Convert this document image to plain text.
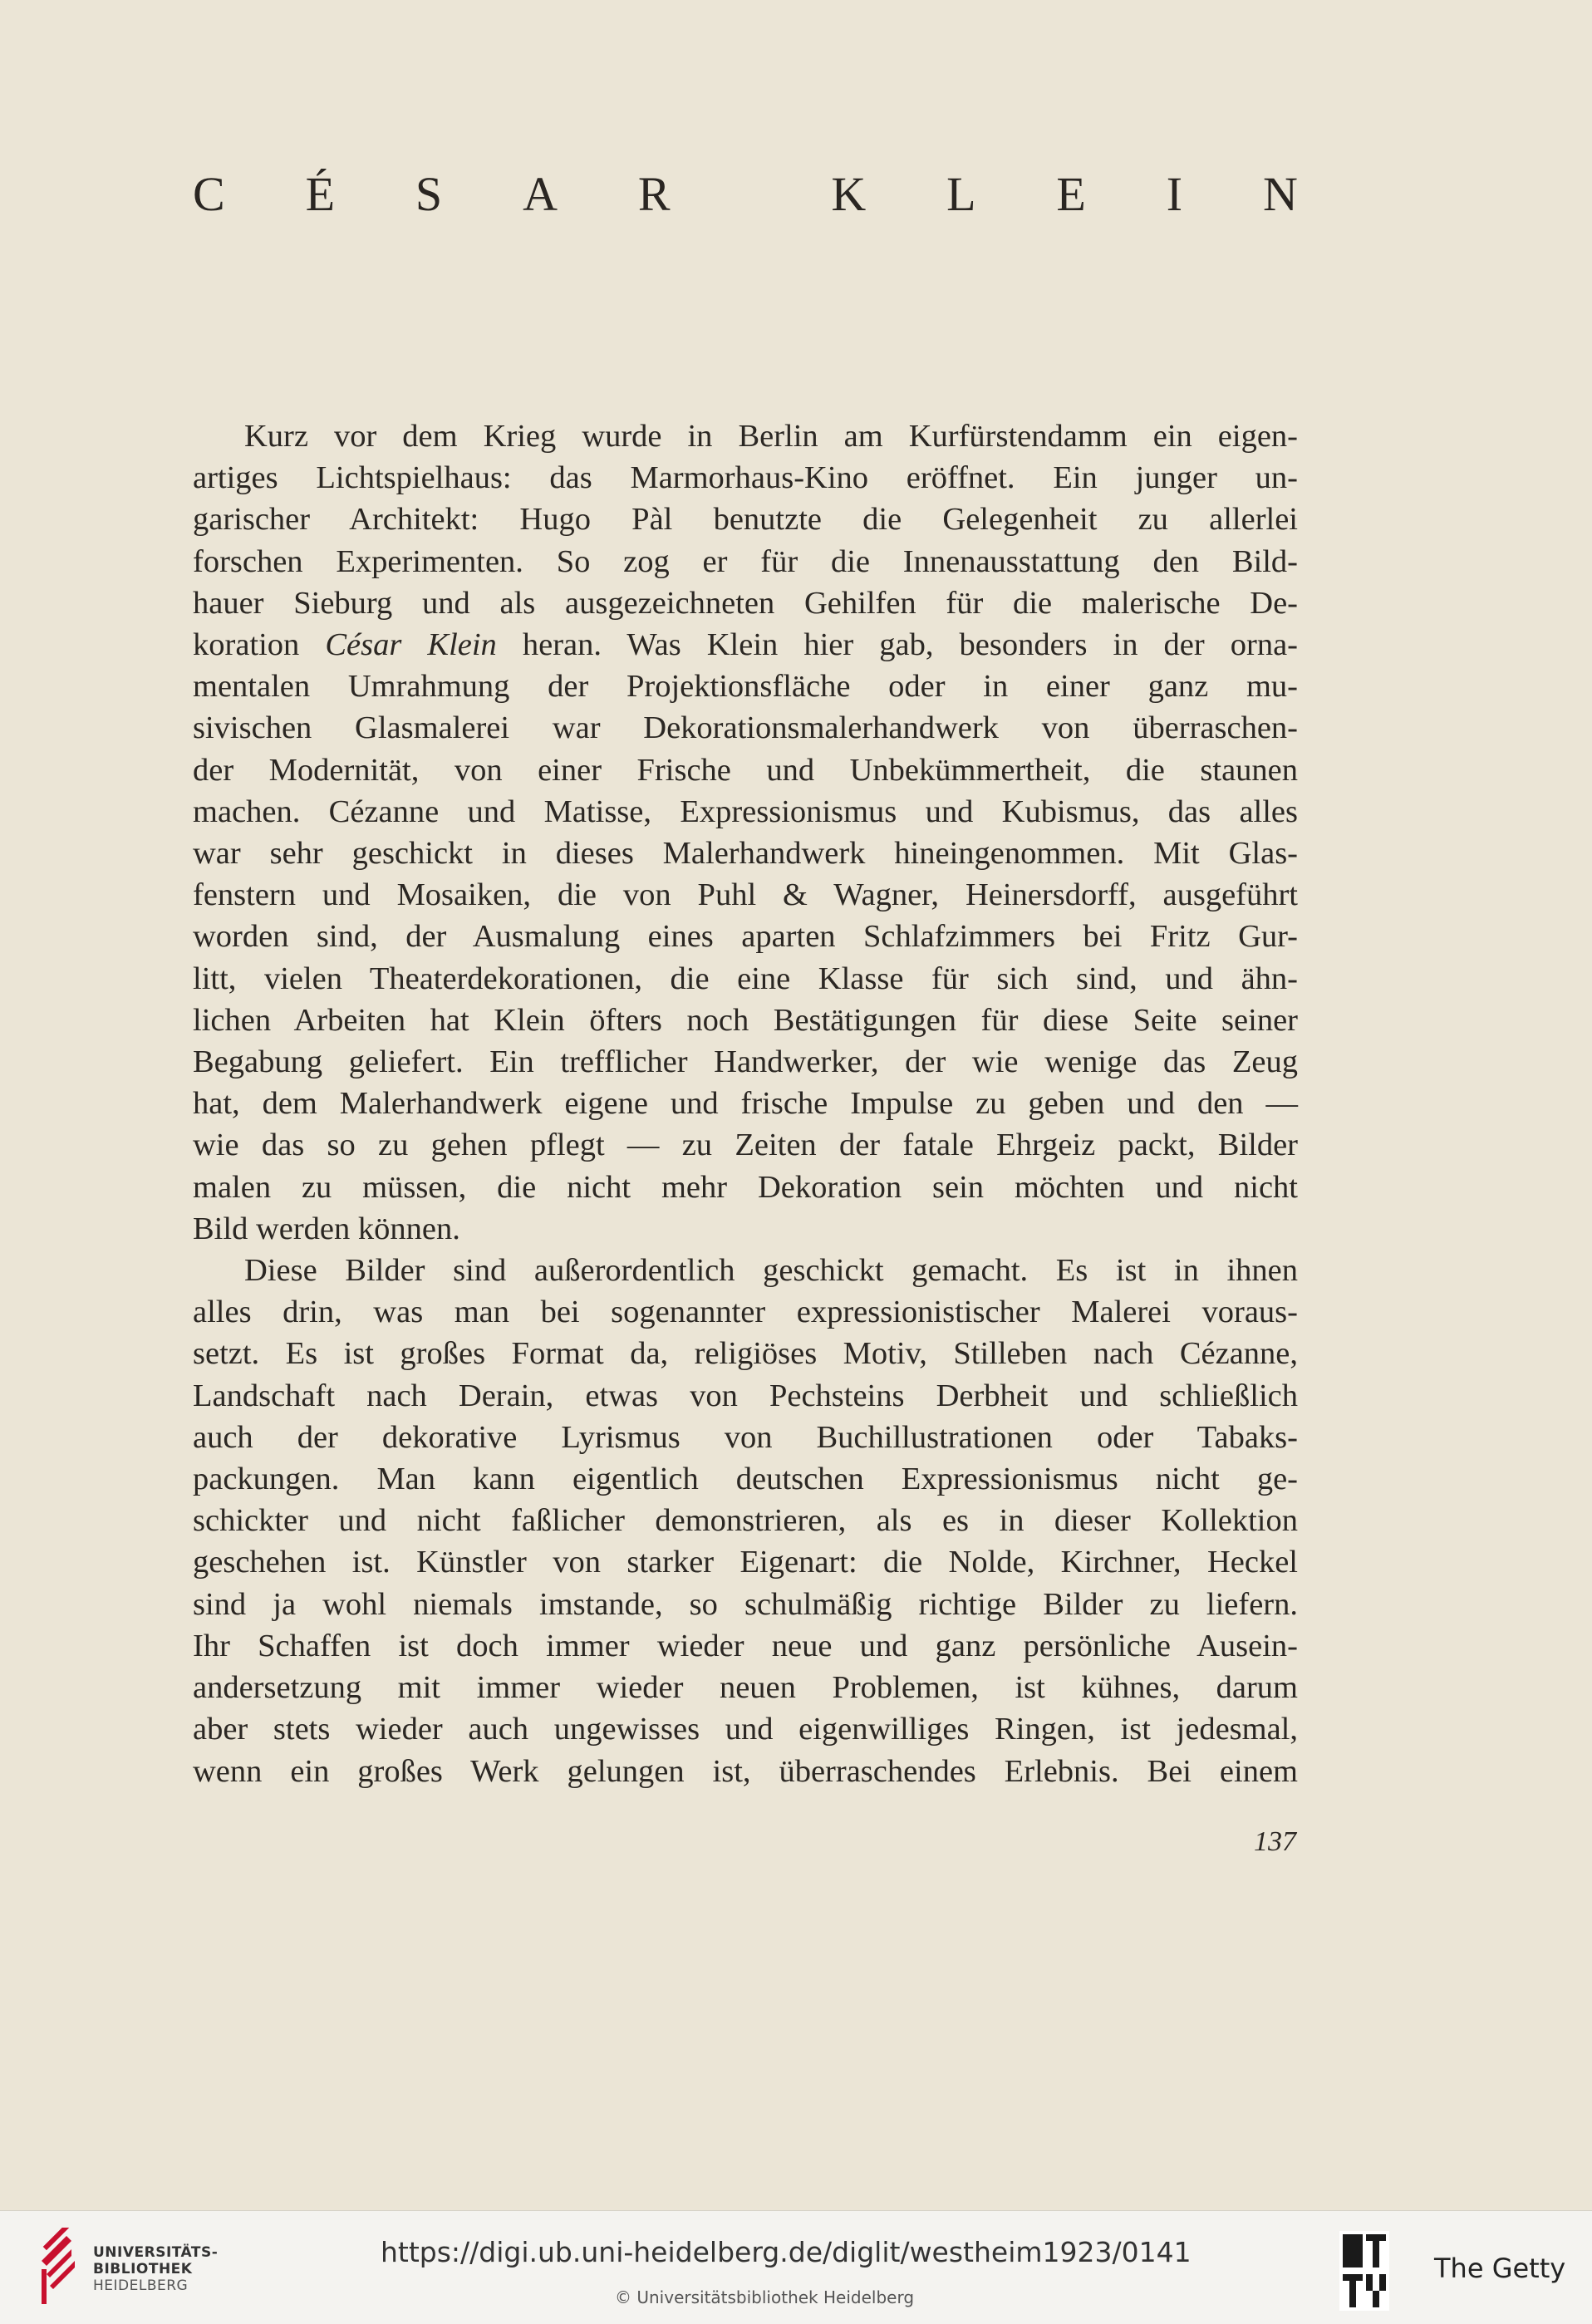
C É S A R	K L E I N
Kurz vor dem Krieg wurde in Berlin am Kurfürstendamm ein eigen-
artiges Lichtspielhaus: das Marmorhaus-Kino eröffnet. Ein junger un-
garischer Architekt: Hugo Pàl benutzte die Gelegenheit zu allerlei
forschen Experimenten. So zog er für die Innenausstattung den Bild-
hauer Sieburg und als ausgezeichneten Gehilfen für die malerische De-
koration César Klein heran. Was Klein hier gab, besonders in der orna-
mentalen Umrahmung der Projektionsfläche oder in einer ganz mu-
sivischen Glasmalerei war Dekorationsmalerhandwerk von überraschen-
der Modernität, von einer Frische und Unbekümmertheit, die staunen
machen. Cézanne und Matisse, Expressionismus und Kubismus, das alles
war sehr geschickt in dieses Malerhandwerk hineingenommen. Mit Glas-
fenstern und Mosaiken, die von Puhl & Wagner, Heinersdorff, ausgeführt
worden sind, der Ausmalung eines aparten Schlafzimmers bei Fritz Gur-
litt, vielen Theaterdekorationen, die eine Klasse für sich sind, und ähn-
lichen Arbeiten hat Klein öfters noch Bestätigungen für diese Seite seiner
Begabung geliefert. Ein trefflicher Handwerker, der wie wenige das Zeug
hat, dem Malerhandwerk eigene und frische Impulse zu geben und den —
wie das so zu gehen pflegt — zu Zeiten der fatale Ehrgeiz packt, Bilder
malen zu müssen, die nicht mehr Dekoration sein möchten und nicht
Bild werden können.
Diese Bilder sind außerordentlich geschickt gemacht. Es ist in ihnen
alles drin, was man bei sogenannter expressionistischer Malerei voraus-
setzt. Es ist großes Format da, religiöses Motiv, Stilleben nach Cézanne,
Landschaft nach Derain, etwas von Pechsteins Derbheit und schließlich
auch der dekorative Lyrismus von Buchillustrationen oder Tabaks-
packungen. Man kann eigentlich deutschen Expressionismus nicht ge-
schickter und nicht faßlicher demonstrieren, als es in dieser Kollektion
geschehen ist. Künstler von starker Eigenart: die Nolde, Kirchner, Heckel
sind ja wohl niemals imstande, so schulmäßig richtige Bilder zu liefern.
Ihr Schaffen ist doch immer wieder neue und ganz persönliche Ausein-
andersetzung mit immer wieder neuen Problemen, ist kühnes, darum
aber stets wieder auch ungewisses und eigenwilliges Ringen, ist jedesmal,
wenn ein großes Werk gelungen ist, überraschendes Erlebnis. Bei einem
137
UNIVERSITÄTS-
BIBLIOTHEK
HEIDELBERG
https://digi.ub.uni-heidelberg.de/diglit/westheim1923/0141
© Universitätsbibliothek Heidelberg
The Getty
